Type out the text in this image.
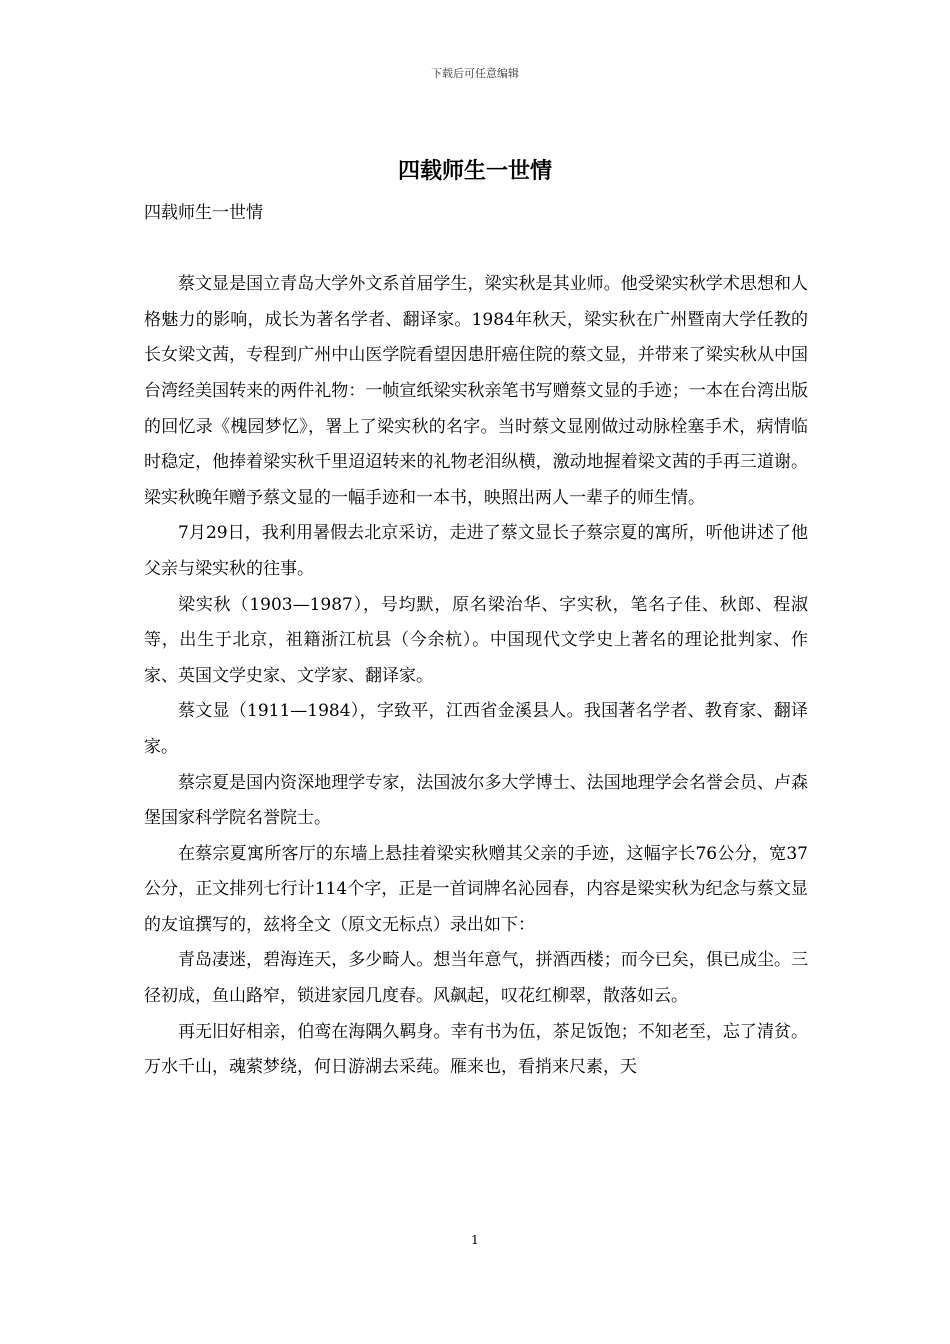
下载后可任意编辑
四载师生一世情

四载师生一世情

蔡文显是国立青岛大学外文系首届学生，梁实秋是其业师。他受梁实秋学术思想和人格魅力的影响，成长为著名学者、翻译家。1984年秋天，梁实秋在广州暨南大学任教的长女梁文茜，专程到广州中山医学院看望因患肝癌住院的蔡文显，并带来了梁实秋从中国台湾经美国转来的两件礼物：一帧宣纸梁实秋亲笔书写赠蔡文显的手迹；一本在台湾出版的回忆录《槐园梦忆》，署上了梁实秋的名字。当时蔡文显刚做过动脉栓塞手术，病情临时稳定，他捧着梁实秋千里迢迢转来的礼物老泪纵横，激动地握着梁文茜的手再三道谢。梁实秋晚年赠予蔡文显的一幅手迹和一本书，映照出两人一辈子的师生情。

7月29日，我利用暑假去北京采访，走进了蔡文显长子蔡宗夏的寓所，听他讲述了他父亲与梁实秋的往事。

梁实秋（1903—1987），号均默，原名梁治华、字实秋，笔名子佳、秋郎、程淑等，出生于北京，祖籍浙江杭县（今余杭）。中国现代文学史上著名的理论批判家、作家、英国文学史家、文学家、翻译家。

蔡文显（1911—1984），字致平，江西省金溪县人。我国著名学者、教育家、翻译家。

蔡宗夏是国内资深地理学专家，法国波尔多大学博士、法国地理学会名誉会员、卢森堡国家科学院名誉院士。

在蔡宗夏寓所客厅的东墙上悬挂着梁实秋赠其父亲的手迹，这幅字长76公分，宽37公分，正文排列七行计114个字，正是一首词牌名沁园春，内容是梁实秋为纪念与蔡文显的友谊撰写的，兹将全文（原文无标点）录出如下：

青岛凄迷，碧海连天，多少畸人。想当年意气，拼酒西楼；而今已矣，俱已成尘。三径初成，鱼山路窄，锁进家园几度春。风飙起，叹花红柳翠，散落如云。

再无旧好相亲，伯鸾在海隅久羁身。幸有书为伍，茶足饭饱；不知老至，忘了清贫。万水千山，魂萦梦绕，何日游湖去采莼。雁来也，看捎来尺素，天

1
